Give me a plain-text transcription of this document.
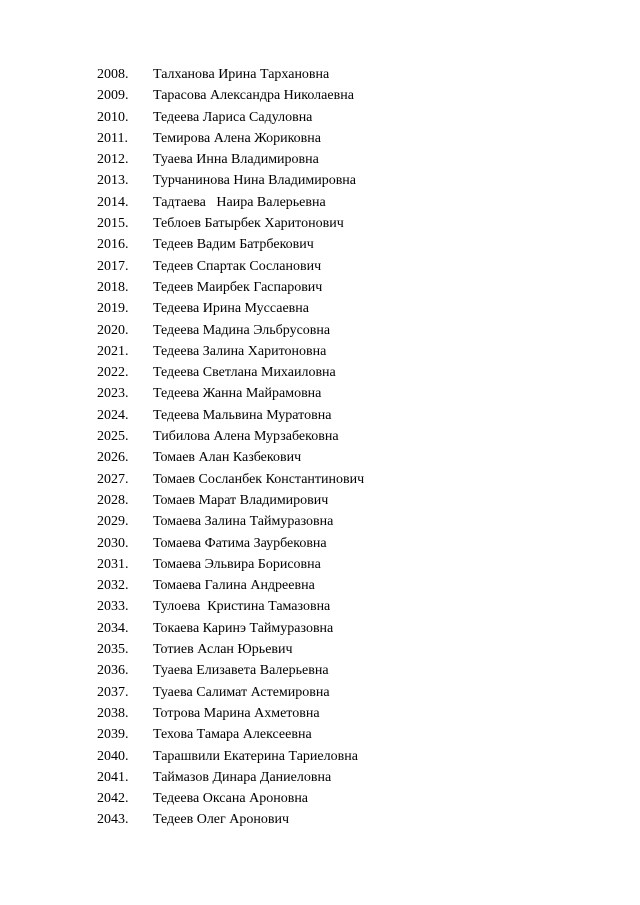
2008.	Талханова Ирина Тархановна
2009.	Тарасова Александра Николаевна
2010.	Тедеева Лариса Садуловна
2011.	Темирова Алена Жориковна
2012.	Туаева Инна Владимировна
2013.	Турчанинова Нина Владимировна
2014.	Тадтаева   Наира Валерьевна
2015.	Теблоев Батырбек Харитонович
2016.	Тедеев Вадим Батрбекович
2017.	Тедеев Спартак Сосланович
2018.	Тедеев Маирбек Гаспарович
2019.	Тедеева Ирина Муссаевна
2020.	Тедеева Мадина Эльбрусовна
2021.	Тедеева Залина Харитоновна
2022.	Тедеева Светлана Михаиловна
2023.	Тедеева Жанна Майрамовна
2024.	Тедеева Мальвина Муратовна
2025.	Тибилова Алена Мурзабековна
2026.	Томаев Алан Казбекович
2027.	Томаев Сосланбек Константинович
2028.	Томаев Марат Владимирович
2029.	Томаева Залина Таймуразовна
2030.	Томаева Фатима Заурбековна
2031.	Томаева Эльвира Борисовна
2032.	Томаева Галина Андреевна
2033.	Тулоева  Кристина Тамазовна
2034.	Токаева Каринэ Таймуразовна
2035.	Тотиев Аслан Юрьевич
2036.	Туаева Елизавета Валерьевна
2037.	Туаева Салимат Астемировна
2038.	Тотрова Марина Ахметовна
2039.	Техова Тамара Алексеевна
2040.	Тарашвили Екатерина Тариеловна
2041.	Таймазов Динара Даниеловна
2042.	Тедеева Оксана Ароновна
2043.	Тедеев Олег Аронович
